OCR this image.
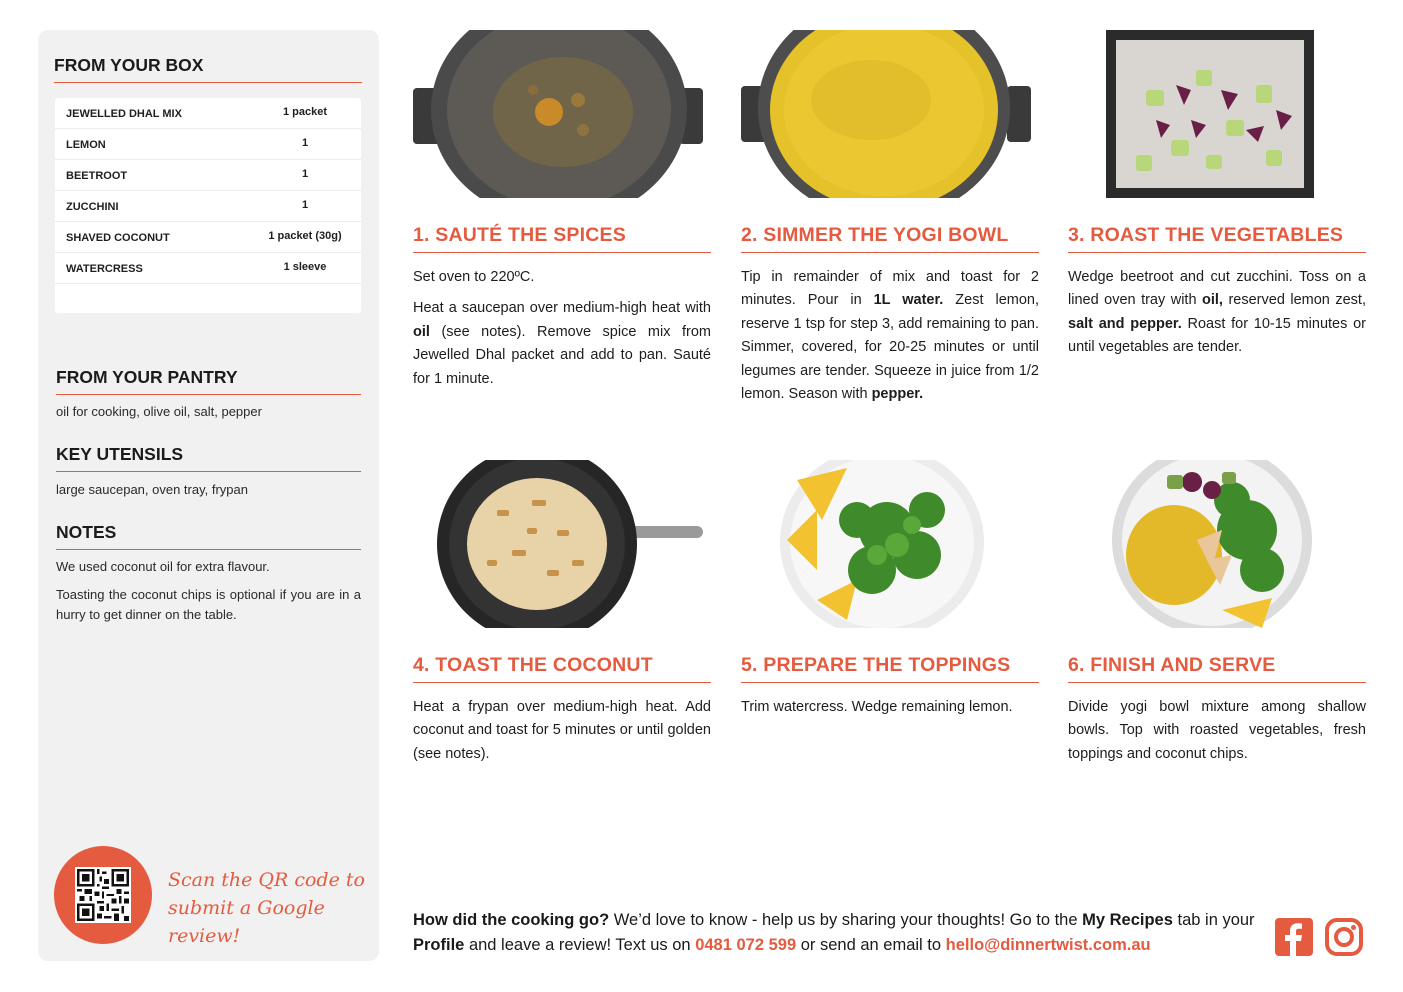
FROM YOUR BOX
JEWELLED DHAL MIX	1 packet
LEMON	1
BEETROOT	1
ZUCCHINI	1
SHAVED COCONUT	1 packet (30g)
WATERCRESS	1 sleeve
FROM YOUR PANTRY
oil for cooking, olive oil, salt, pepper
KEY UTENSILS
large saucepan, oven tray, frypan
NOTES
We used coconut oil for extra flavour.
Toasting the coconut chips is optional if you are in a hurry to get dinner on the table.
Scan the QR code to
submit a Google review!
1. SAUTÉ THE SPICES

Set oven to 220ºC.

Heat a saucepan over medium-high heat with oil (see notes). Remove spice mix from Jewelled Dhal packet and add to pan. Sauté for 1 minute.

2. SIMMER THE YOGI BOWL

Tip in remainder of mix and toast for 2 minutes. Pour in 1L water. Zest lemon, reserve 1 tsp for step 3, add remaining to pan. Simmer, covered, for 20-25 minutes or until legumes are tender. Squeeze in juice from 1/2 lemon. Season with pepper.

3. ROAST THE VEGETABLES

Wedge beetroot and cut zucchini. Toss on a lined oven tray with oil, reserved lemon zest, salt and pepper. Roast for 10-15 minutes or until vegetables are tender.

4. TOAST THE COCONUT

Heat a frypan over medium-high heat. Add coconut and toast for 5 minutes or until golden (see notes).

5. PREPARE THE TOPPINGS

Trim watercress. Wedge remaining lemon.

6. FINISH AND SERVE

Divide yogi bowl mixture among shallow bowls. Top with roasted vegetables, fresh toppings and coconut chips.

How did the cooking go? We’d love to know - help us by sharing your thoughts! Go to the My Recipes tab in your Profile and leave a review! Text us on 0481 072 599 or send an email to hello@dinnertwist.com.au
